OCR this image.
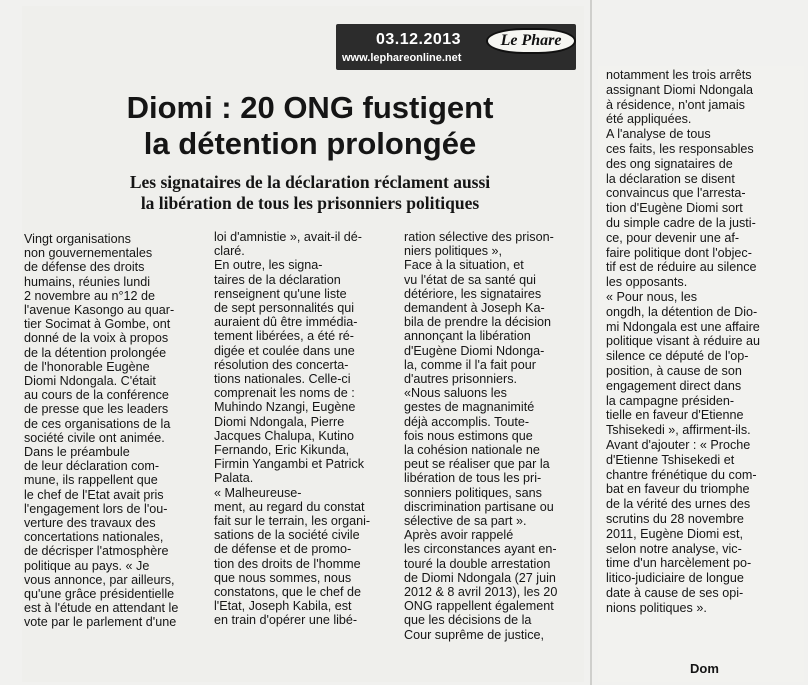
03.12.2013
www.lephareonline.net
Le Phare
Diomi : 20 ONG fustigent
la détention prolongée
Les signataires de la déclaration réclament aussi
la libération de tous les prisonniers politiques
Vingt organisations
non gouvernementales
de défense des droits
humains, réunies lundi
2 novembre au n°12 de
l'avenue Kasongo au quar-
tier Socimat à Gombe, ont
donné de la voix à propos
de la détention prolongée
de l'honorable Eugène
Diomi Ndongala. C'était
au cours de la conférence
de presse que les leaders
de ces organisations de la
société civile ont animée.
Dans le préambule
de leur déclaration com-
mune, ils rappellent que
le chef de l'Etat avait pris
l'engagement lors de l'ou-
verture des travaux des
concertations nationales,
de décrisper l'atmosphère
politique au pays. « Je
vous annonce, par ailleurs,
qu'une grâce présidentielle
est à l'étude en attendant le
vote par le parlement d'une
loi d'amnistie », avait-il dé-
claré.
En outre, les signa-
taires de la déclaration
renseignent qu'une liste
de sept personnalités qui
auraient dû être immédia-
tement libérées, a été ré-
digée et coulée dans une
résolution des concerta-
tions nationales. Celle-ci
comprenait les noms de :
Muhindo Nzangi, Eugène
Diomi Ndongala, Pierre
Jacques Chalupa, Kutino
Fernando, Eric Kikunda,
Firmin Yangambi et Patrick
Palata.
« Malheureuse-
ment, au regard du constat
fait sur le terrain, les organi-
sations de la société civile
de défense et de promo-
tion des droits de l'homme
que nous sommes, nous
constatons, que le chef de
l'Etat, Joseph Kabila, est
en train d'opérer une libé-
ration sélective des prison-
niers politiques »,
Face à la situation, et
vu l'état de sa santé qui
détériore, les signataires
demandent à Joseph Ka-
bila de prendre la décision
annonçant la libération
d'Eugène Diomi Ndonga-
la, comme il l'a fait pour
d'autres prisonniers.
«Nous saluons les
gestes de magnanimité
déjà accomplis. Toute-
fois nous estimons que
la cohésion nationale ne
peut se réaliser que par la
libération de tous les pri-
sonniers politiques, sans
discrimination partisane ou
sélective de sa part ».
Après avoir rappelé
les circonstances ayant en-
touré la double arrestation
de Diomi Ndongala (27 juin
2012 & 8 avril 2013), les 20
ONG rappellent également
que les décisions de la
Cour suprême de justice,
notamment les trois arrêts
assignant Diomi Ndongala
à résidence, n'ont jamais
été appliquées.
A l'analyse de tous
ces faits, les responsables
des ong signataires de
la déclaration se disent
convaincus que l'arresta-
tion d'Eugène Diomi sort
du simple cadre de la justi-
ce, pour devenir une af-
faire politique dont l'objec-
tif est de réduire au silence
les opposants.
« Pour nous, les
ongdh, la détention de Dio-
mi Ndongala est une affaire
politique visant à réduire au
silence ce député de l'op-
position, à cause de son
engagement direct dans
la campagne présiden-
tielle en faveur d'Etienne
Tshisekedi », affirment-ils.
Avant d'ajouter : « Proche
d'Etienne Tshisekedi et
chantre frénétique du com-
bat en faveur du triomphe
de la vérité des urnes des
scrutins du 28 novembre
2011, Eugène Diomi est,
selon notre analyse, vic-
time d'un harcèlement po-
litico-judiciaire de longue
date à cause de ses opi-
nions politiques ».
Dom
